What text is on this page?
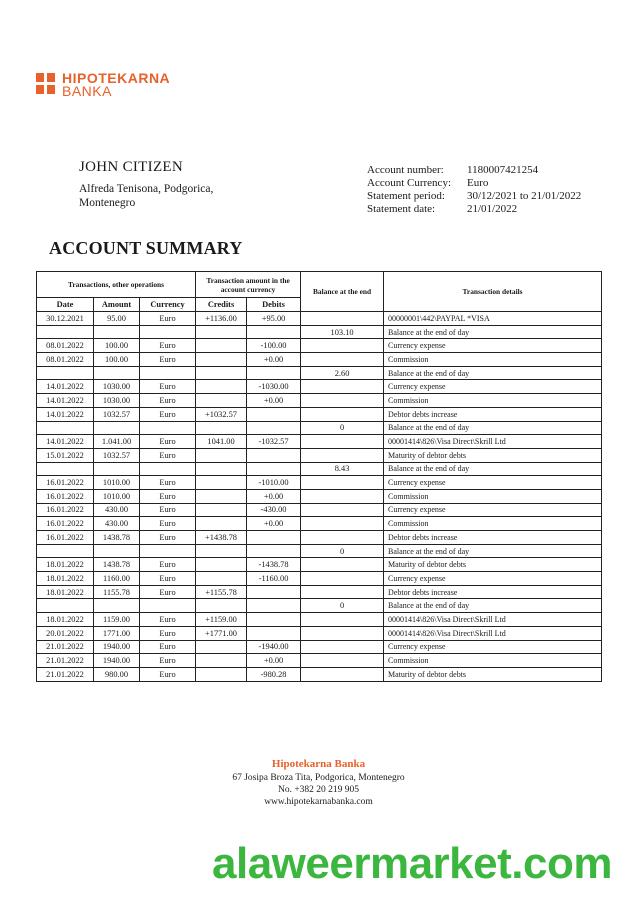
HIPOTEKARNA
BANKA
JOHN CITIZEN
Alfreda Tenisona, Podgorica,
Montenegro
Account number:	1180007421254
Account Currency:	Euro
Statement period:	30/12/2021 to 21/01/2022
Statement date:	21/01/2022
ACCOUNT SUMMARY
Transactions, other operations			Transaction amount in the account currency		Balance at the end	Transaction details
Date	Amount	Currency	Credits	Debits		
30.12.2021	95.00	Euro	+1136.00	+95.00		00000001\442\PAYPAL *VISA
					103.10	Balance at the end of day
08.01.2022	100.00	Euro		-100.00		Currency expense
08.01.2022	100.00	Euro		+0.00		Commission
					2.60	Balance at the end of day
14.01.2022	1030.00	Euro		-1030.00		Currency expense
14.01.2022	1030.00	Euro		+0.00		Commission
14.01.2022	1032.57	Euro	+1032.57			Debtor debts increase
					0	Balance at the end of day
14.01.2022	1.041.00	Euro	1041.00	-1032.57		00001414\826\Visa Direct\Skrill Ltd
15.01.2022	1032.57	Euro				Maturity of debtor debts
					8.43	Balance at the end of day
16.01.2022	1010.00	Euro		-1010.00		Currency expense
16.01.2022	1010.00	Euro		+0.00		Commission
16.01.2022	430.00	Euro		-430.00		Currency expense
16.01.2022	430.00	Euro		+0.00		Commission
16.01.2022	1438.78	Euro	+1438.78			Debtor debts increase
					0	Balance at the end of day
18.01.2022	1438.78	Euro		-1438.78		Maturity of debtor debts
18.01.2022	1160.00	Euro		-1160.00		Currency expense
18.01.2022	1155.78	Euro	+1155.78			Debtor debts increase
					0	Balance at the end of day
18.01.2022	1159.00	Euro	+1159.00			00001414\826\Visa Direct\Skrill Ltd
20.01.2022	1771.00	Euro	+1771.00			00001414\826\Visa Direct\Skrill Ltd
21.01.2022	1940.00	Euro		-1940.00		Currency expense
21.01.2022	1940.00	Euro		+0.00		Commission
21.01.2022	980.00	Euro		-980.28		Maturity of debtor debts
Hipotekarna Banka
67 Josipa Broza Tita, Podgorica, Montenegro
No. +382 20 219 905
www.hipotekarnabanka.com
alaweermarket.com
